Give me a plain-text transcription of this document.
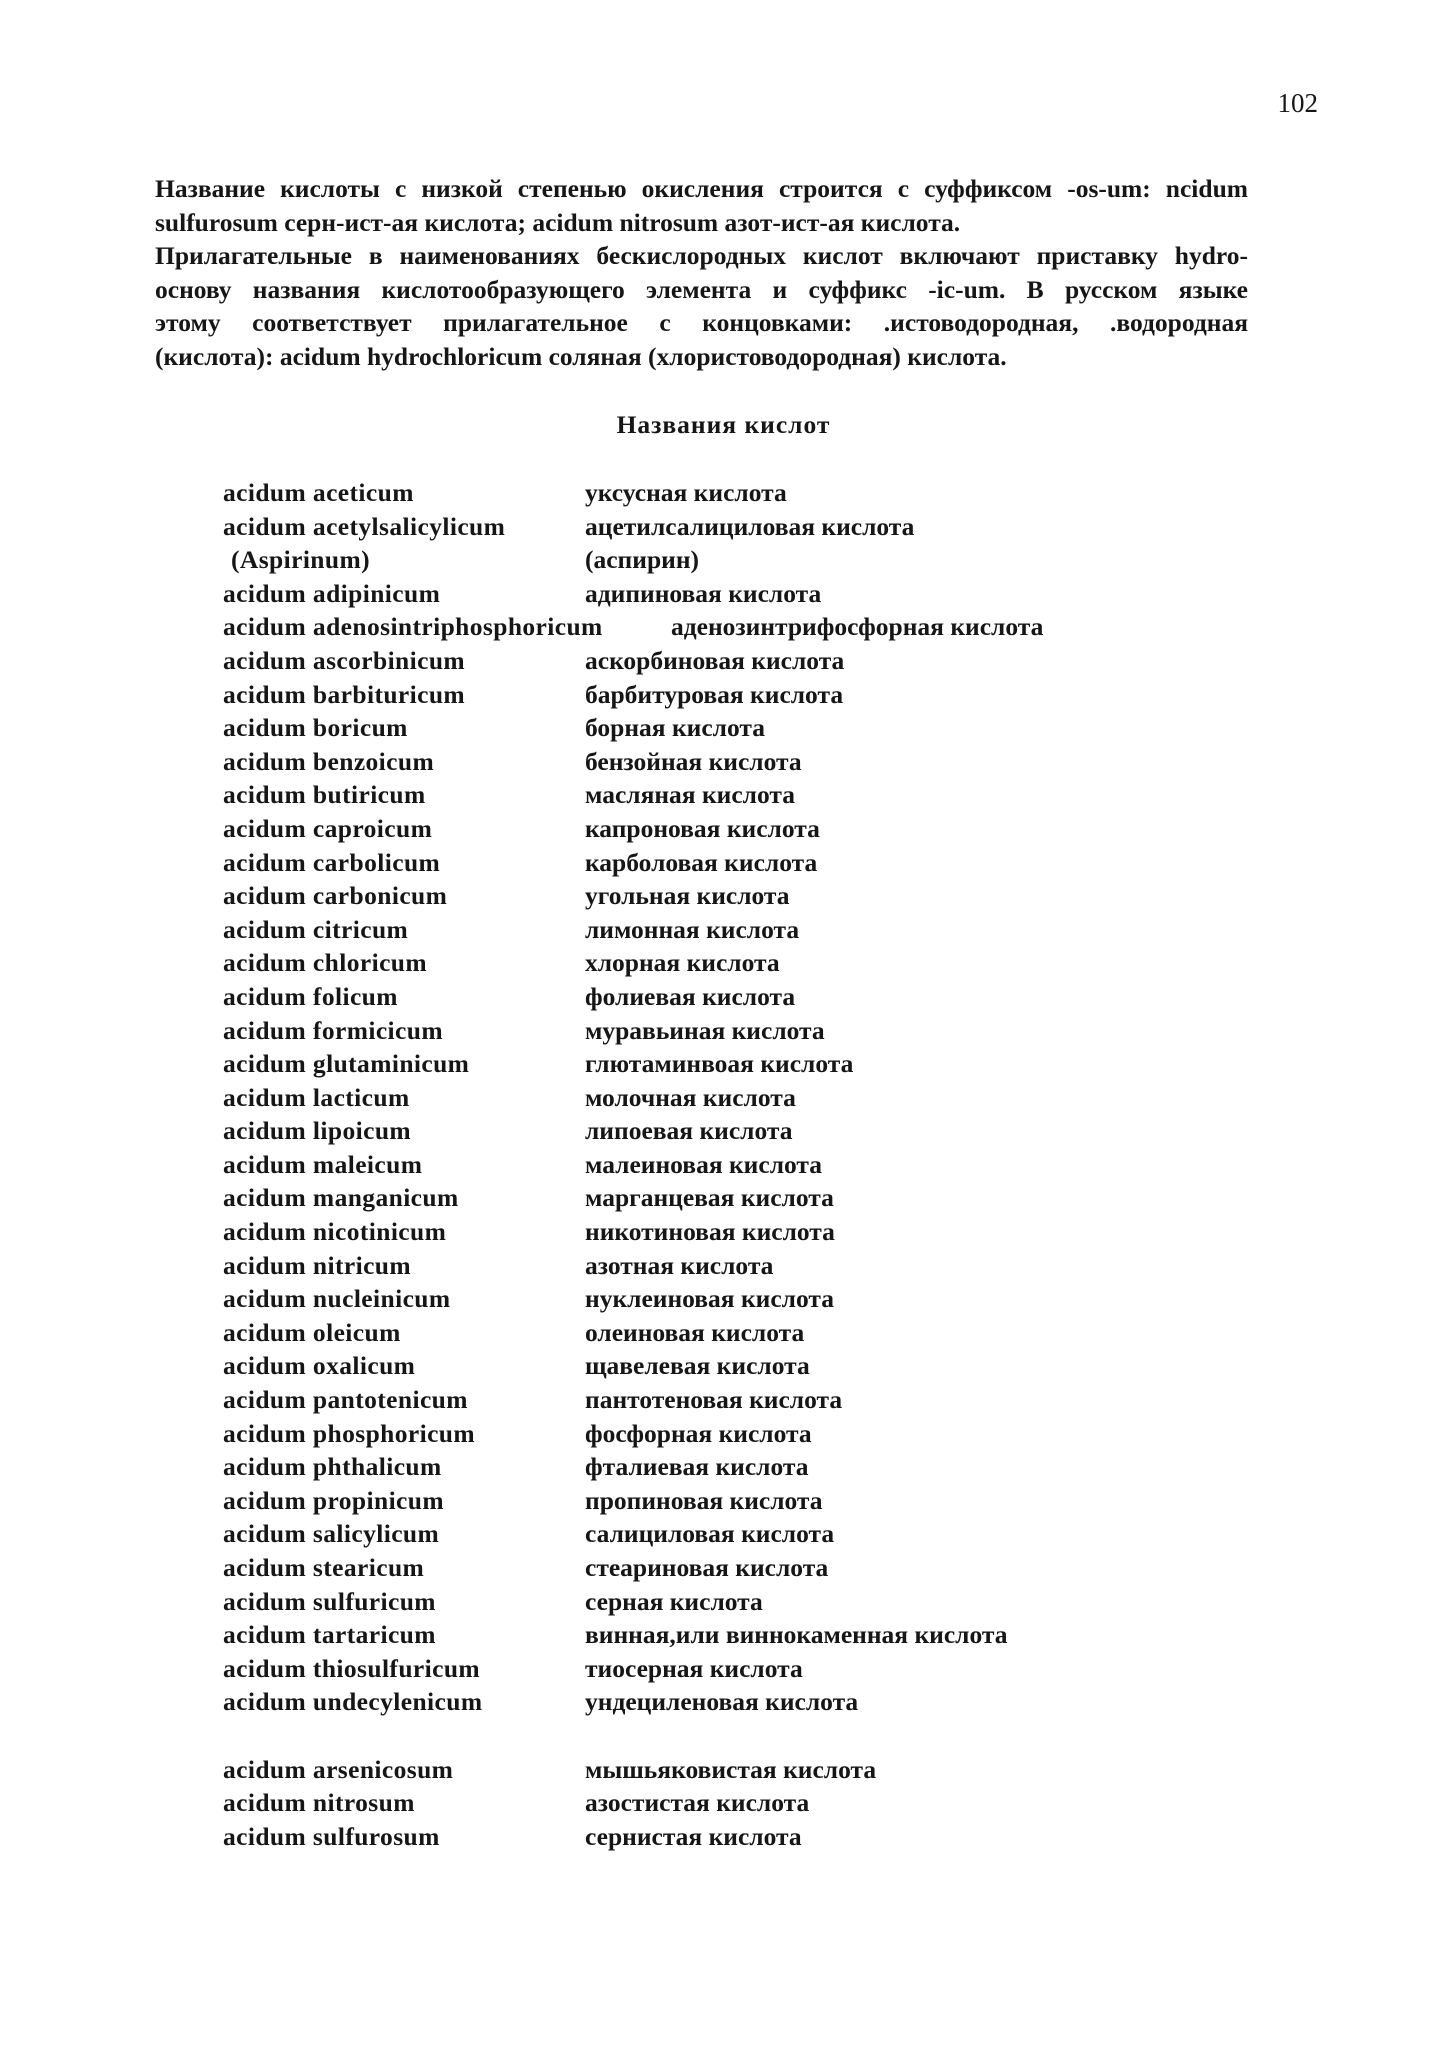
102
Название кислоты с низкой степенью окисления строится с суффиксом -os-um: ncidum
sulfurosum серн-ист-ая кислота; acidum nitrosum азот-ист-ая кислота.
Прилагательные в наименованиях бескислородных кислот включают приставку hydro-
основу названия кислотообразующего элемента и суффикс -ic-um. В русском языке
этому соответствует прилагательное с концовками: .истоводородная, .водородная
(кислота): acidum hydrochloricum соляная (хлористоводородная) кислота.
Названия кислот
acidum aceticum	уксусная кислота
acidum acetylsalicylicum	ацетилсалициловая кислота
(Aspirinum)	(аспирин)
acidum adipinicum	адипиновая кислота
acidum adenosintriphosphoricum	аденозинтрифосфорная кислота
acidum ascorbinicum	аскорбиновая кислота
acidum barbituricum	барбитуровая кислота
acidum boricum	борная кислота
acidum benzoicum	бензойная кислота
acidum butiricum	масляная кислота
acidum caproicum	капроновая кислота
acidum carbolicum	карболовая кислота
acidum carbonicum	угольная кислота
acidum citricum	лимонная кислота
acidum chloricum	хлорная кислота
acidum folicum	фолиевая кислота
acidum formicicum	муравьиная кислота
acidum glutaminicum	глютаминвоая кислота
acidum lacticum	молочная кислота
acidum lipoicum	липоевая кислота
acidum maleicum	малеиновая кислота
acidum manganicum	марганцевая кислота
acidum nicotinicum	никотиновая кислота
acidum nitricum	азотная кислота
acidum nucleinicum	нуклеиновая кислота
acidum oleicum	олеиновая кислота
acidum oxalicum	щавелевая кислота
acidum pantotenicum	пантотеновая кислота
acidum phosphoricum	фосфорная кислота
acidum phthalicum	фталиевая кислота
acidum propinicum	пропиновая кислота
acidum salicylicum	салициловая кислота
acidum stearicum	стеариновая кислота
acidum sulfuricum	серная кислота
acidum tartaricum	винная,или виннокаменная кислота
acidum thiosulfuricum	тиосерная кислота
acidum undecylenicum	ундециленовая кислота
acidum arsenicosum	мышьяковистая кислота
acidum nitrosum	азостистая кислота
acidum sulfurosum	сернистая кислота
